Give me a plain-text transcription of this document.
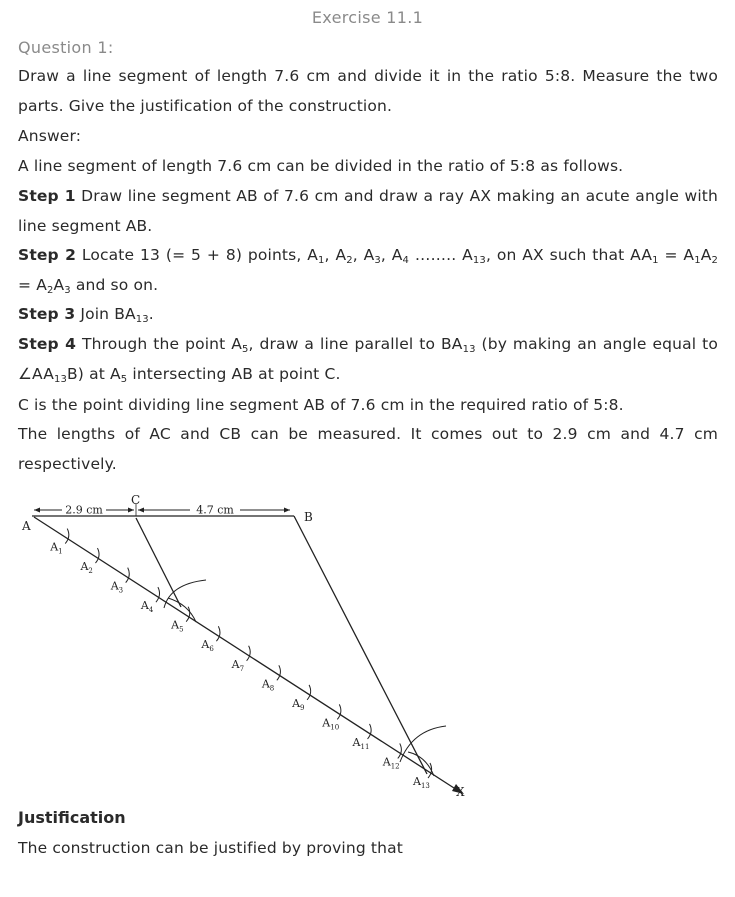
Exercise 11.1
Question 1:
Draw a line segment of length 7.6 cm and divide it in the ratio 5:8. Measure the two parts. Give the justification of the construction.
Answer:
A line segment of length 7.6 cm can be divided in the ratio of 5:8 as follows.
Step 1 Draw line segment AB of 7.6 cm and draw a ray AX making an acute angle with line segment AB.
Step 2 Locate 13 (= 5 + 8) points, $A_1$, $A_2$, $A_3$, $A_4$ …….. $A_{13}$, on AX such that $AA_1 = A_1A_2 = A_2A_3$ and so on.
Step 3 Join $BA_{13}$.
Step 4 Through the point $A_5$, draw a line parallel to $BA_{13}$ (by making an angle equal to $\angle AA_{13}B$) at $A_5$ intersecting AB at point C.
C is the point dividing line segment AB of 7.6 cm in the required ratio of 5:8.
The lengths of AC and CB can be measured. It comes out to 2.9 cm and 4.7 cm respectively.
2.9 cm	4.7 cm
$A_1$
$A_2$
$A_3$
$A_4$
$A_5$
$A_6$
$A_7$
$A_8$
$A_9$
$A_{10}$
$A_{11}$
$A_{12}$
$A_{13}$
A
B
C
X
Justification
The construction can be justified by proving that
